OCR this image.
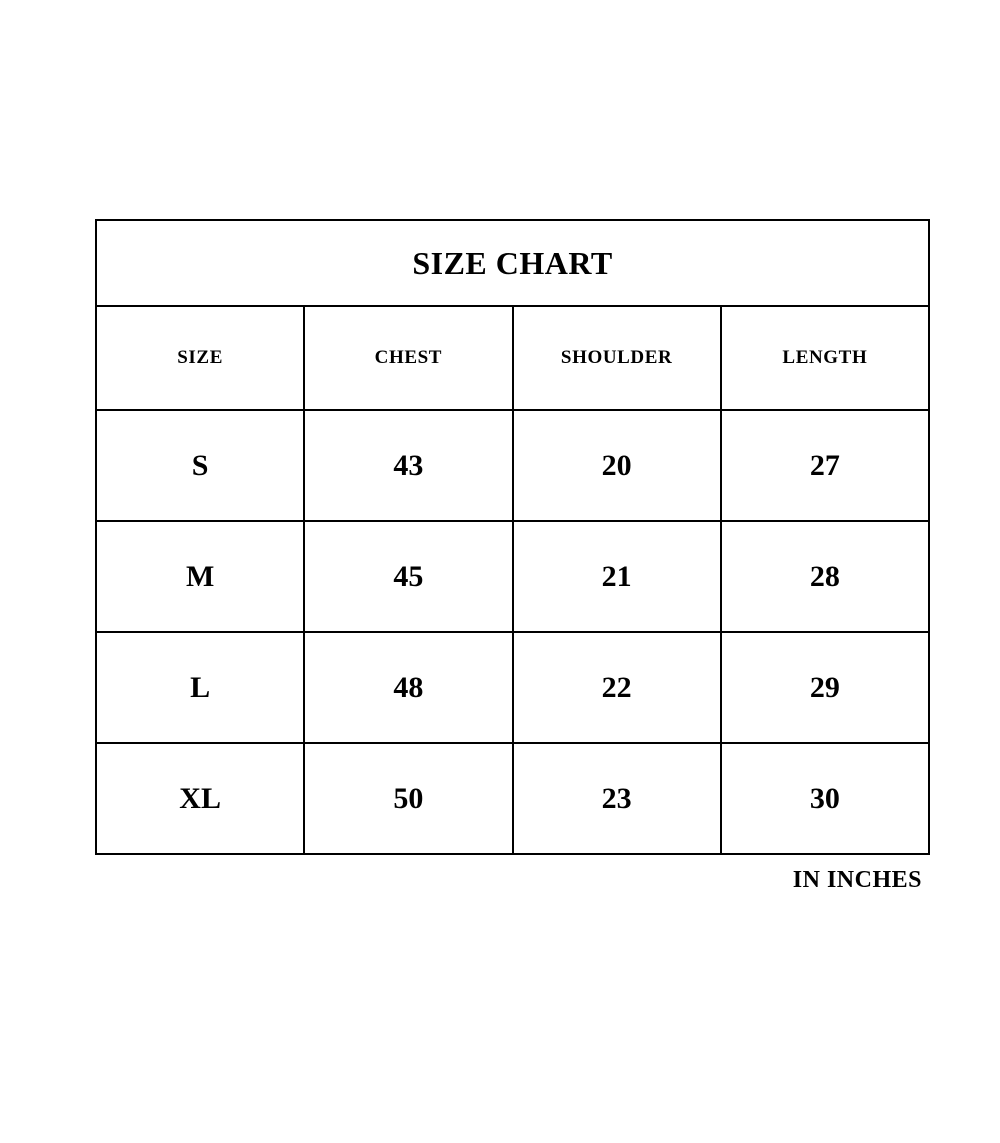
SIZE CHART			
SIZE	CHEST	SHOULDER	LENGTH
S	43	20	27
M	45	21	28
L	48	22	29
XL	50	23	30
IN INCHES
